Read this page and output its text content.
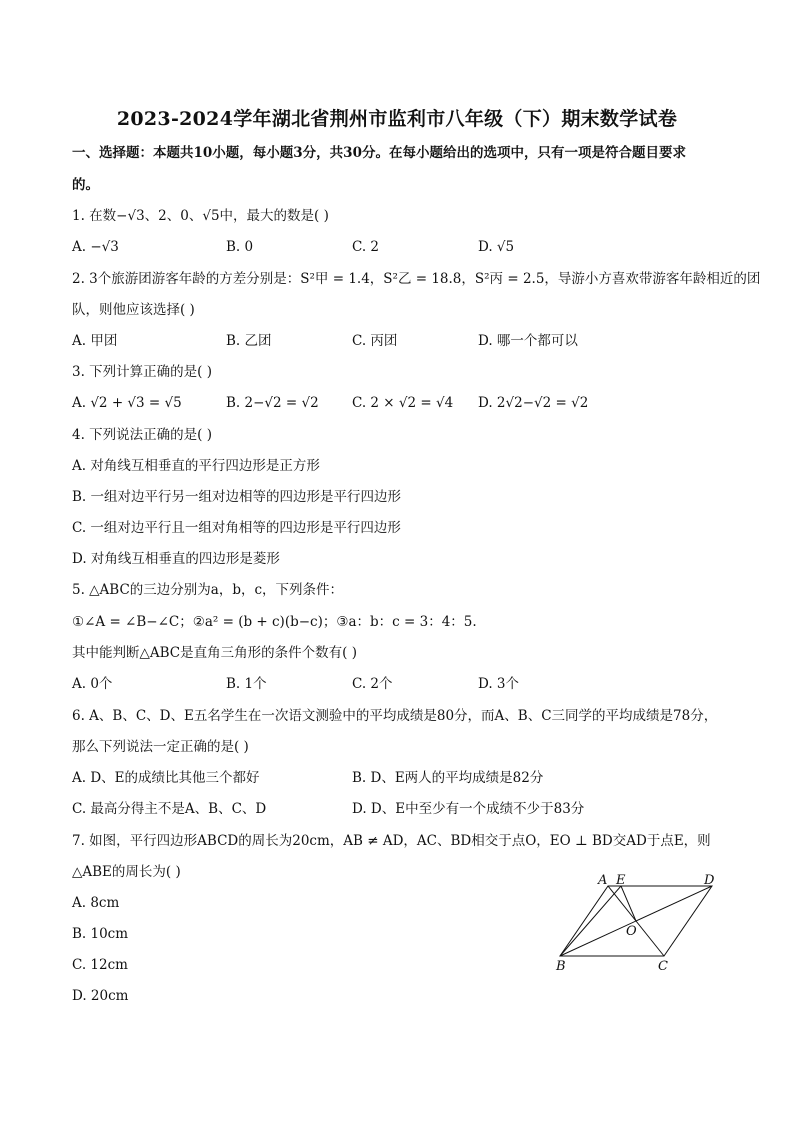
2023-2024学年湖北省荆州市监利市八年级（下）期末数学试卷
一、选择题：本题共10小题，每小题3分，共30分。在每小题给出的选项中，只有一项是符合题目要求
的。
1. 在数−√3、2、0、√5中，最大的数是( )
A. −√3	B. 0	C. 2	D. √5
2. 3个旅游团游客年龄的方差分别是：S²甲 = 1.4，S²乙 = 18.8，S²丙 = 2.5，导游小方喜欢带游客年龄相近的团
队，则他应该选择( )
A. 甲团	B. 乙团	C. 丙团	D. 哪一个都可以
3. 下列计算正确的是( )
A. √2 + √3 = √5	B. 2−√2 = √2 C. 2 × √2 = √4 D. 2√2−√2 = √2
4. 下列说法正确的是( )
A. 对角线互相垂直的平行四边形是正方形
B. 一组对边平行另一组对边相等的四边形是平行四边形
C. 一组对边平行且一组对角相等的四边形是平行四边形
D. 对角线互相垂直的四边形是菱形
5. △ABC的三边分别为a，b，c，下列条件：
①∠A = ∠B−∠C；②a² = (b + c)(b−c)；③a：b：c = 3：4：5.
其中能判断△ABC是直角三角形的条件个数有( )
A. 0个	B. 1个	C. 2个	D. 3个
6. A、B、C、D、E五名学生在一次语文测验中的平均成绩是80分，而A、B、C三同学的平均成绩是78分，
那么下列说法一定正确的是( )
A. D、E的成绩比其他三个都好	B. D、E两人的平均成绩是82分
C. 最高分得主不是A、B、C、D	D. D、E中至少有一个成绩不少于83分
7. 如图，平行四边形ABCD的周长为20cm，AB ≠ AD，AC、BD相交于点O，EO ⊥ BD交AD于点E，则
△ABE的周长为( )
A. 8cm
B. 10cm
C. 12cm
D. 20cm
A E	D
O
B	C
